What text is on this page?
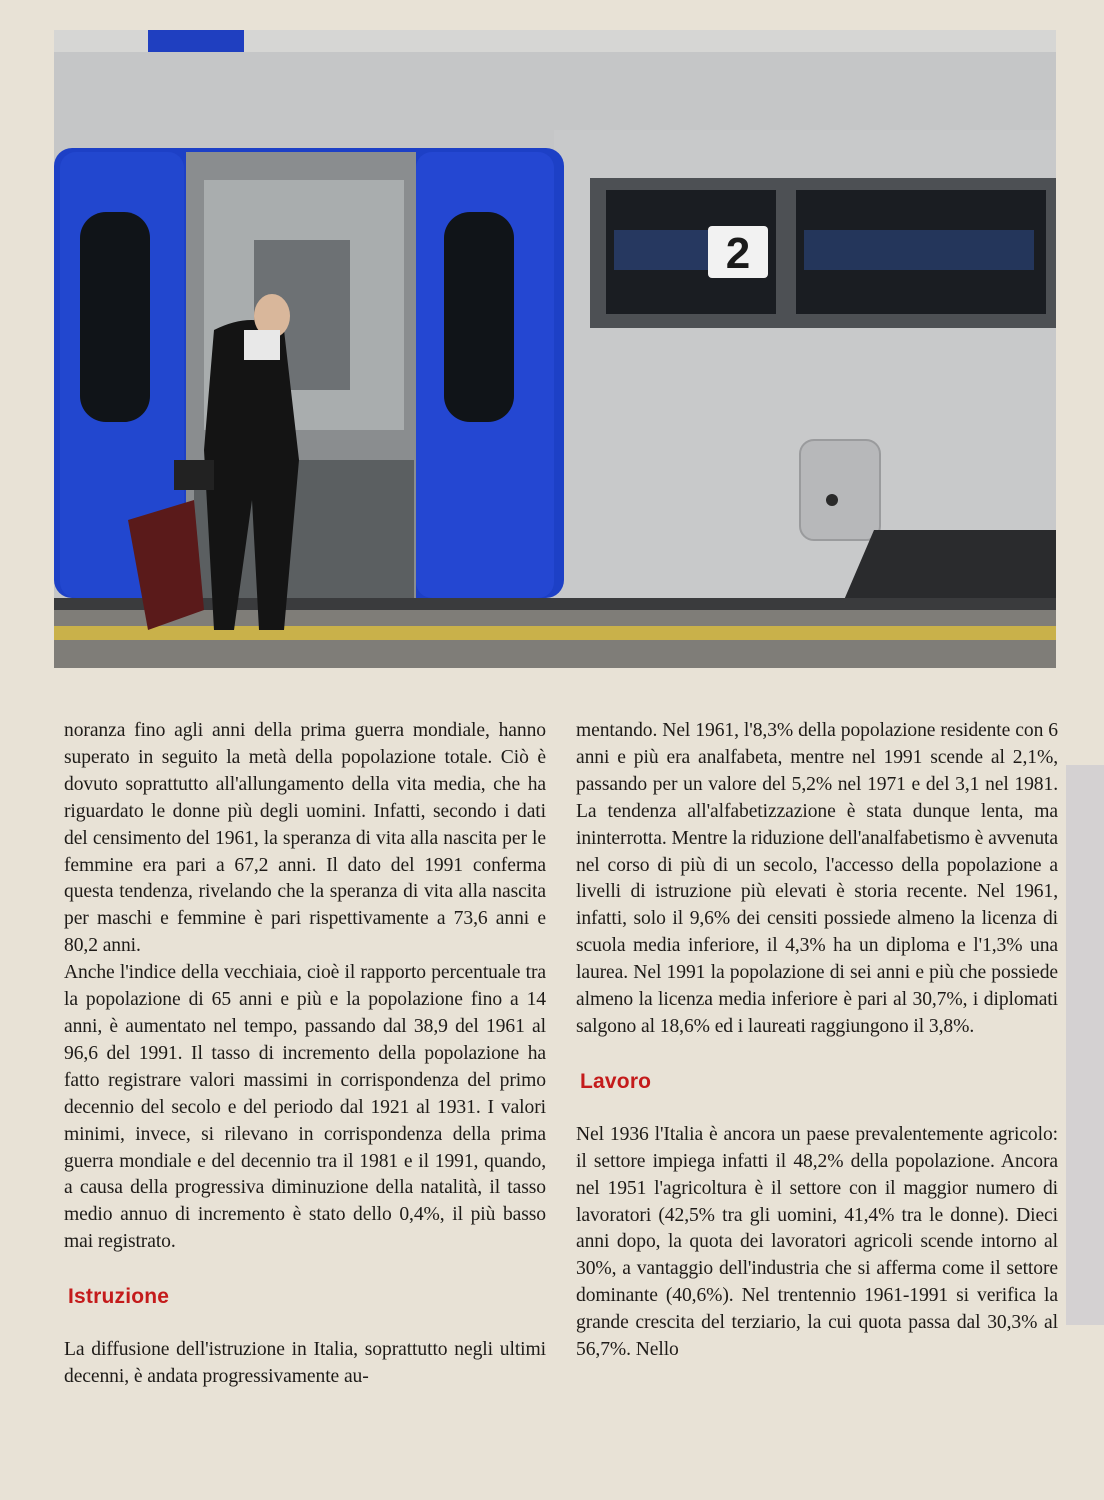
2

noranza fino agli anni della prima guerra mondiale, hanno superato in seguito la metà della popolazione totale. Ciò è dovuto soprattutto all'allungamento della vita media, che ha riguardato le donne più degli uomini. Infatti, secondo i dati del censimento del 1961, la speranza di vita alla nascita per le femmine era pari a 67,2 anni. Il dato del 1991 conferma questa tendenza, rivelando che la speranza di vita alla nascita per maschi e femmine è pari rispettivamente a 73,6 anni e 80,2 anni.

Anche l'indice della vecchiaia, cioè il rapporto percentuale tra la popolazione di 65 anni e più e la popolazione fino a 14 anni, è aumentato nel tempo, passando dal 38,9 del 1961 al 96,6 del 1991. Il tasso di incremento della popolazione ha fatto registrare valori massimi in corrispondenza del primo decennio del secolo e del periodo dal 1921 al 1931. I valori minimi, invece, si rilevano in corrispondenza della prima guerra mondiale e del decennio tra il 1981 e il 1991, quando, a causa della progressiva diminuzione della natalità, il tasso medio annuo di incremento è stato dello 0,4%, il più basso mai registrato.

Istruzione

La diffusione dell'istruzione in Italia, soprattutto negli ultimi decenni, è andata progressivamente au-

mentando. Nel 1961, l'8,3% della popolazione residente con 6 anni e più era analfabeta, mentre nel 1991 scende al 2,1%, passando per un valore del 5,2% nel 1971 e del 3,1 nel 1981. La tendenza all'alfabetizzazione è stata dunque lenta, ma ininterrotta. Mentre la riduzione dell'analfabetismo è avvenuta nel corso di più di un secolo, l'accesso della popolazione a livelli di istruzione più elevati è storia recente. Nel 1961, infatti, solo il 9,6% dei censiti possiede almeno la licenza di scuola media inferiore, il 4,3% ha un diploma e l'1,3% una laurea. Nel 1991 la popolazione di sei anni e più che possiede almeno la licenza media inferiore è pari al 30,7%, i diplomati salgono al 18,6% ed i laureati raggiungono il 3,8%.

Lavoro

Nel 1936 l'Italia è ancora un paese prevalentemente agricolo: il settore impiega infatti il 48,2% della popolazione. Ancora nel 1951 l'agricoltura è il settore con il maggior numero di lavoratori (42,5% tra gli uomini, 41,4% tra le donne). Dieci anni dopo, la quota dei lavoratori agricoli scende intorno al 30%, a vantaggio dell'industria che si afferma come il settore dominante (40,6%). Nel trentennio 1961-1991 si verifica la grande crescita del terziario, la cui quota passa dal 30,3% al 56,7%. Nello
